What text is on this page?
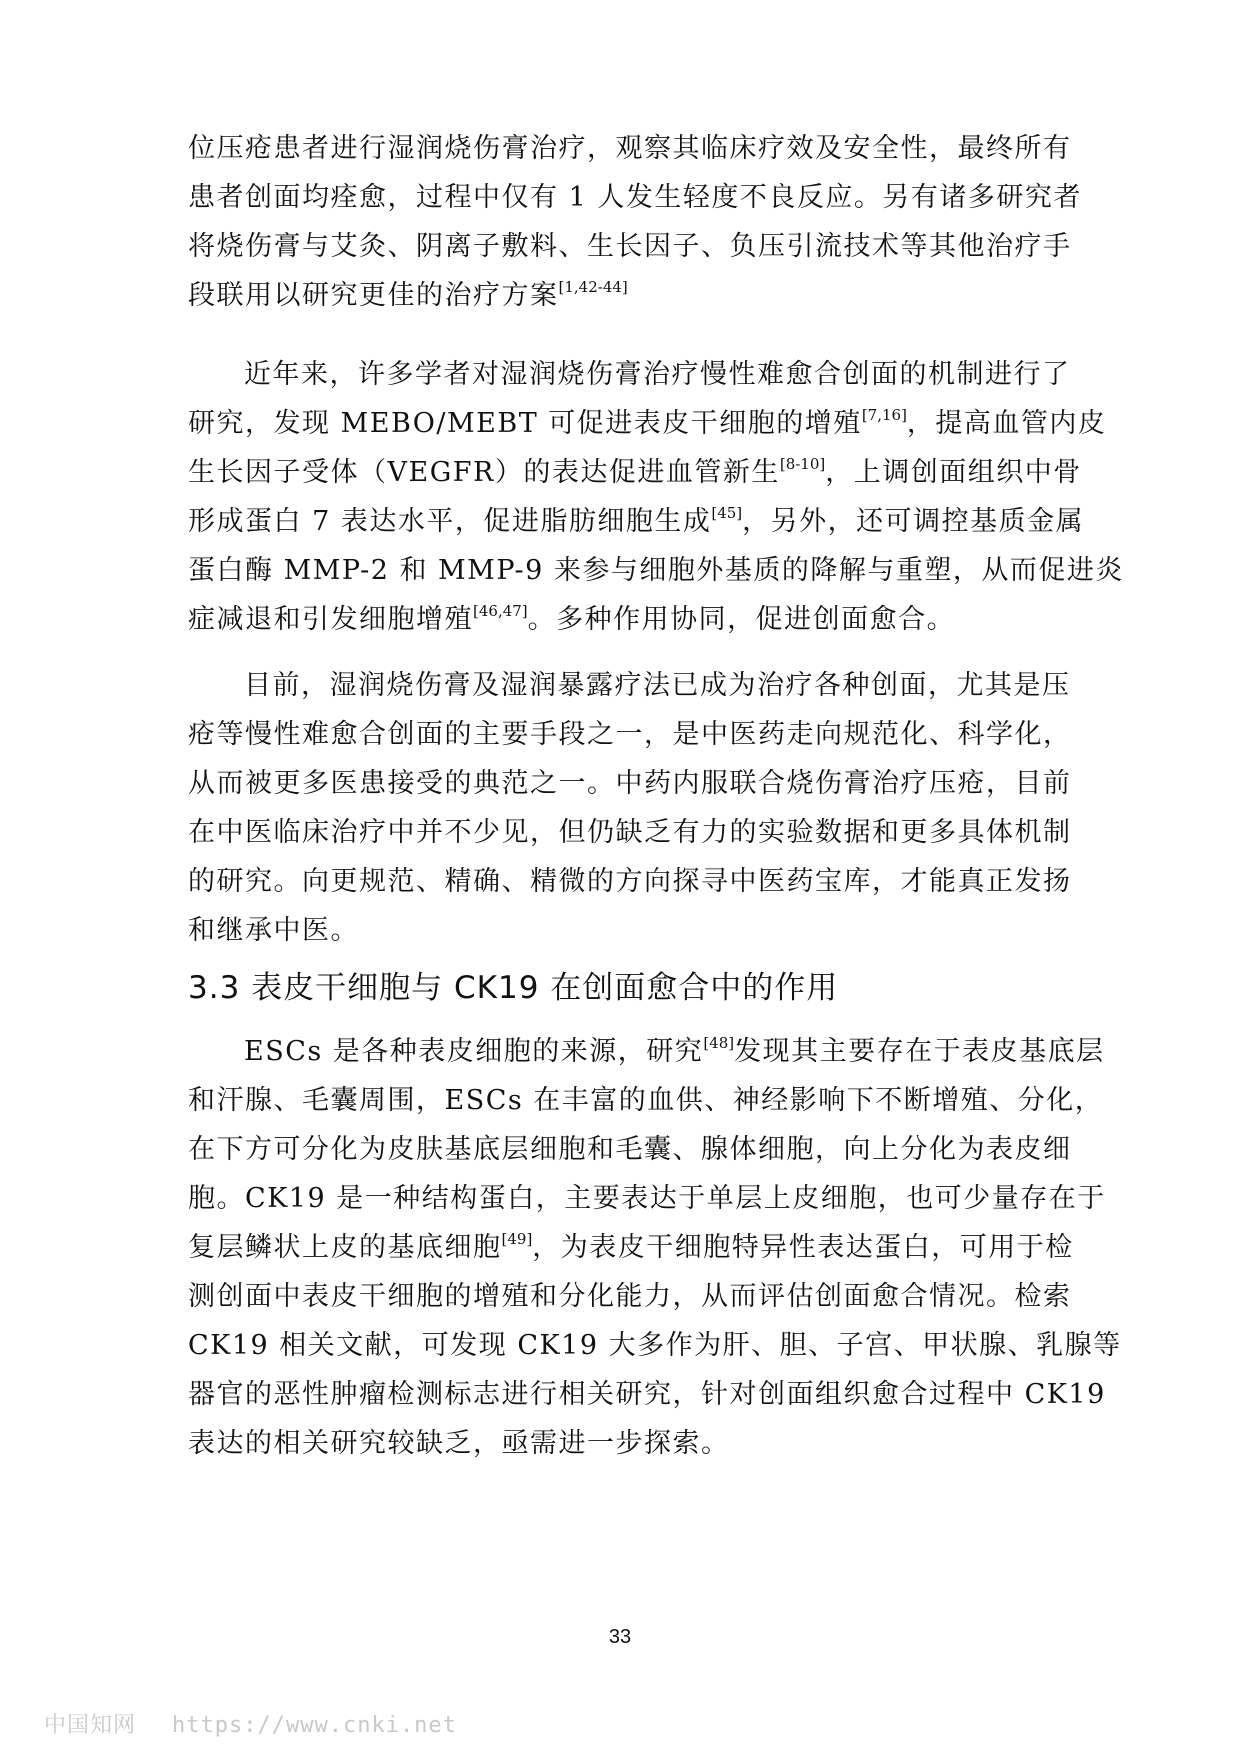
位压疮患者进行湿润烧伤膏治疗，观察其临床疗效及安全性，最终所有

患者创面均痊愈，过程中仅有 1 人发生轻度不良反应。另有诸多研究者

将烧伤膏与艾灸、阴离子敷料、生长因子、负压引流技术等其他治疗手

段联用以研究更佳的治疗方案[1,42-44]

近年来，许多学者对湿润烧伤膏治疗慢性难愈合创面的机制进行了

研究，发现 MEBO/MEBT 可促进表皮干细胞的增殖[7,16]，提高血管内皮

生长因子受体（VEGFR）的表达促进血管新生[8-10]，上调创面组织中骨

形成蛋白 7 表达水平，促进脂肪细胞生成[45]，另外，还可调控基质金属

蛋白酶 MMP-2 和 MMP-9 来参与细胞外基质的降解与重塑，从而促进炎

症减退和引发细胞增殖[46,47]。多种作用协同，促进创面愈合。

目前，湿润烧伤膏及湿润暴露疗法已成为治疗各种创面，尤其是压

疮等慢性难愈合创面的主要手段之一，是中医药走向规范化、科学化，

从而被更多医患接受的典范之一。中药内服联合烧伤膏治疗压疮，目前

在中医临床治疗中并不少见，但仍缺乏有力的实验数据和更多具体机制

的研究。向更规范、精确、精微的方向探寻中医药宝库，才能真正发扬

和继承中医。

3.3 表皮干细胞与 CK19 在创面愈合中的作用

ESCs 是各种表皮细胞的来源，研究[48]发现其主要存在于表皮基底层

和汗腺、毛囊周围，ESCs 在丰富的血供、神经影响下不断增殖、分化，

在下方可分化为皮肤基底层细胞和毛囊、腺体细胞，向上分化为表皮细

胞。CK19 是一种结构蛋白，主要表达于单层上皮细胞，也可少量存在于

复层鳞状上皮的基底细胞[49]，为表皮干细胞特异性表达蛋白，可用于检

测创面中表皮干细胞的增殖和分化能力，从而评估创面愈合情况。检索

CK19 相关文献，可发现 CK19 大多作为肝、胆、子宫、甲状腺、乳腺等

器官的恶性肿瘤检测标志进行相关研究，针对创面组织愈合过程中 CK19

表达的相关研究较缺乏，亟需进一步探索。

33
中国知网 https://www.cnki.net
